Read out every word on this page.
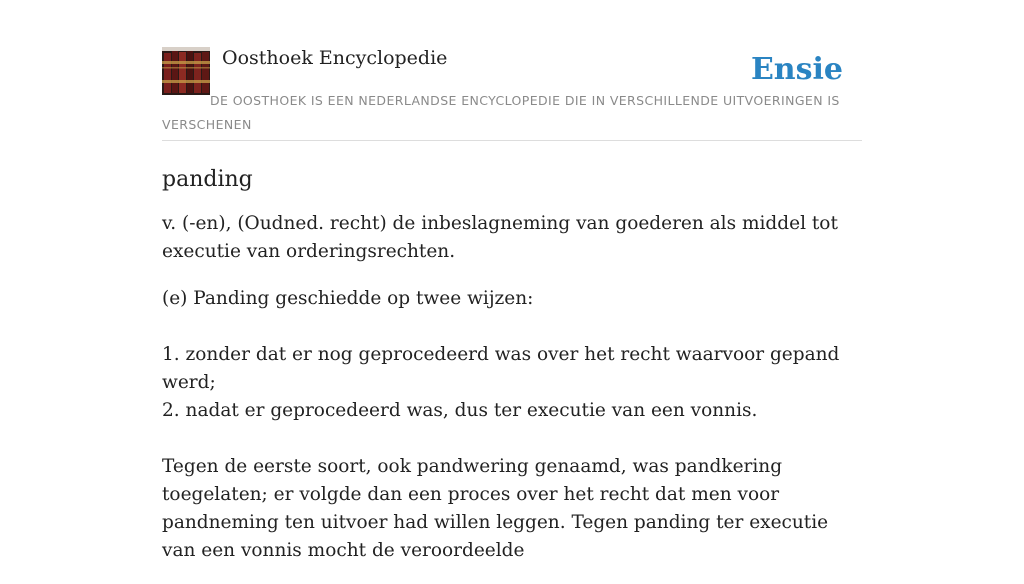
Oosthoek Encyclopedie	Ensie
DE OOSTHOEK IS EEN NEDERLANDSE ENCYCLOPEDIE DIE IN VERSCHILLENDE UITVOERINGEN IS VERSCHENEN
panding

v. (-en), (Oudned. recht) de inbeslagneming van goederen als middel tot executie van orderingsrechten.

(e) Panding geschiedde op twee wijzen:

1. zonder dat er nog geprocedeerd was over het recht waarvoor gepand werd;
2. nadat er geprocedeerd was, dus ter executie van een vonnis.

Tegen de eerste soort, ook pandwering genaamd, was pandkering toegelaten; er volgde dan een proces over het recht dat men voor pandneming ten uitvoer had willen leggen. Tegen panding ter executie van een vonnis mocht de veroordeelde
